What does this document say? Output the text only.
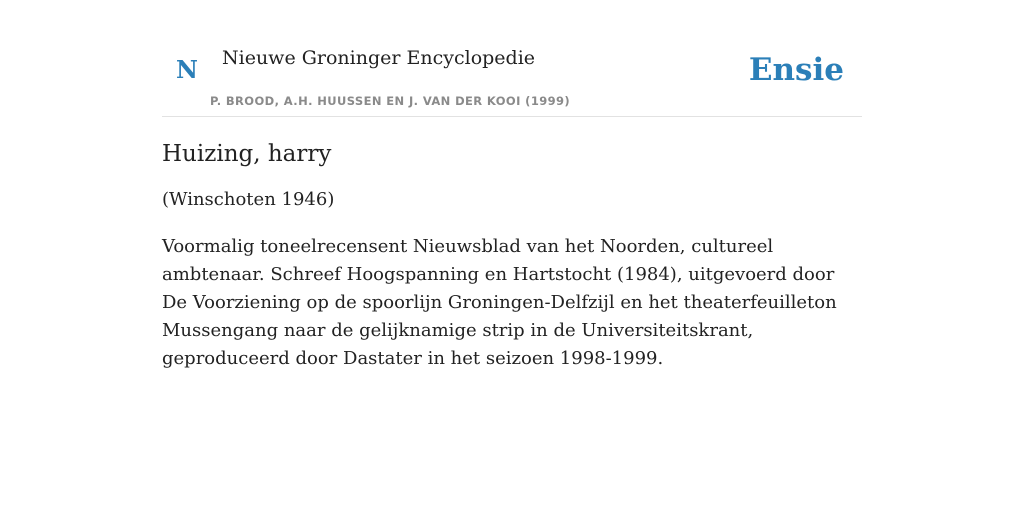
N Nieuwe Groninger Encyclopedie
P. BROOD, A.H. HUUSSEN EN J. VAN DER KOOI (1999)
Ensie
Huizing, harry

(Winschoten 1946)

Voormalig toneelrecensent Nieuwsblad van het Noorden, cultureel ambtenaar. Schreef Hoogspanning en Hartstocht (1984), uitgevoerd door De Voorziening op de spoorlijn Groningen-Delfzijl en het theaterfeuilleton Mussengang naar de gelijknamige strip in de Universiteitskrant, geproduceerd door Dastater in het seizoen 1998-1999.
